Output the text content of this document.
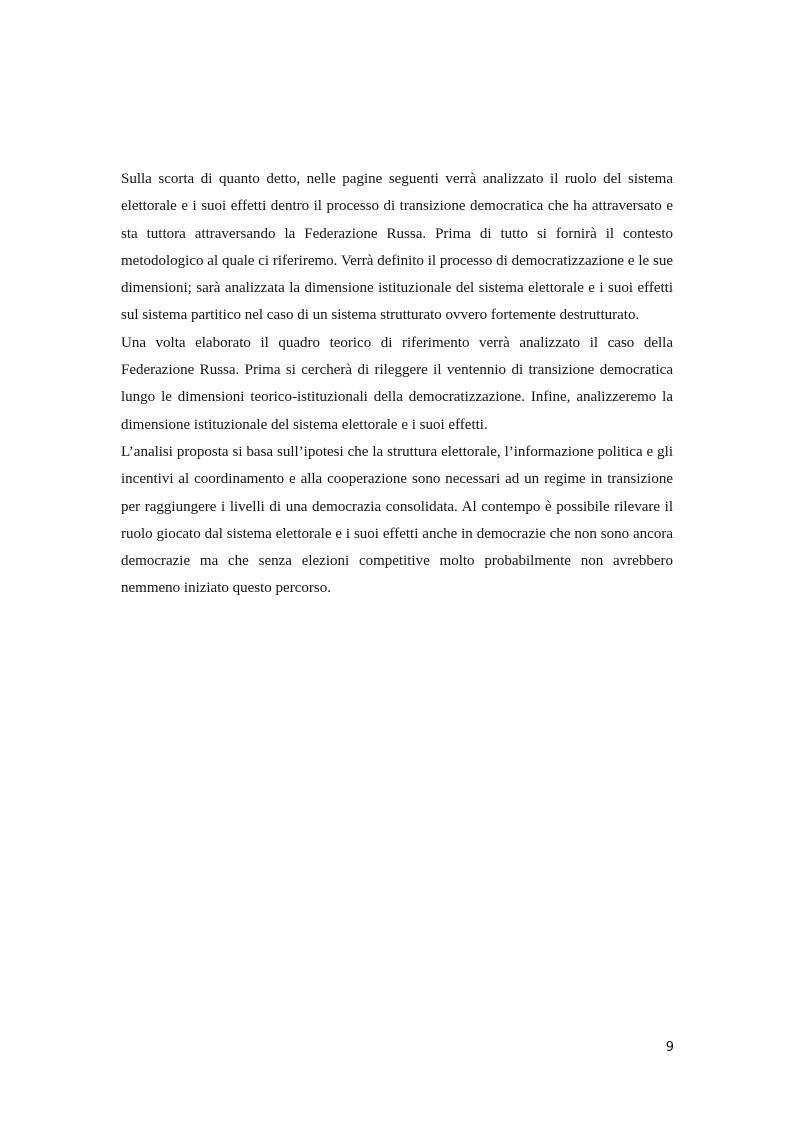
Sulla scorta di quanto detto, nelle pagine seguenti verrà analizzato il ruolo del sistema elettorale e i suoi effetti dentro il processo di transizione democratica che ha attraversato e sta tuttora attraversando la Federazione Russa. Prima di tutto si fornirà il contesto metodologico al quale ci riferiremo. Verrà definito il processo di democratizzazione e le sue dimensioni; sarà analizzata la dimensione istituzionale del sistema elettorale e i suoi effetti sul sistema partitico nel caso di un sistema strutturato ovvero fortemente destrutturato.

Una volta elaborato il quadro teorico di riferimento verrà analizzato il caso della Federazione Russa. Prima si cercherà di rileggere il ventennio di transizione democratica lungo le dimensioni teorico-istituzionali della democratizzazione. Infine, analizzeremo la dimensione istituzionale del sistema elettorale e i suoi effetti.

L’analisi proposta si basa sull’ipotesi che la struttura elettorale, l’informazione politica e gli incentivi al coordinamento e alla cooperazione sono necessari ad un regime in transizione per raggiungere i livelli di una democrazia consolidata. Al contempo è possibile rilevare il ruolo giocato dal sistema elettorale e i suoi effetti anche in democrazie che non sono ancora democrazie ma che senza elezioni competitive molto probabilmente non avrebbero nemmeno iniziato questo percorso.

9
